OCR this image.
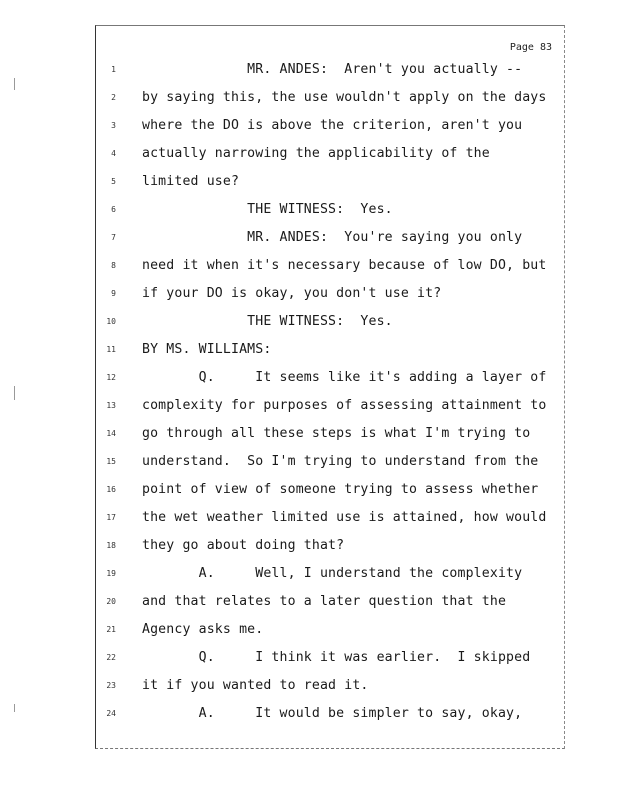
Page 83
1 MR. ANDES:  Aren't you actually --
2 by saying this, the use wouldn't apply on the days
3 where the DO is above the criterion, aren't you
4 actually narrowing the applicability of the
5 limited use?
6 THE WITNESS:  Yes.
7 MR. ANDES:  You're saying you only
8 need it when it's necessary because of low DO, but
9 if your DO is okay, you don't use it?
10 THE WITNESS:  Yes.
11 BY MS. WILLIAMS:
12 Q.     It seems like it's adding a layer of
13 complexity for purposes of assessing attainment to
14 go through all these steps is what I'm trying to
15 understand.  So I'm trying to understand from the
16 point of view of someone trying to assess whether
17 the wet weather limited use is attained, how would
18 they go about doing that?
19 A.     Well, I understand the complexity
20 and that relates to a later question that the
21 Agency asks me.
22 Q.     I think it was earlier.  I skipped
23 it if you wanted to read it.
24 A.     It would be simpler to say, okay,
